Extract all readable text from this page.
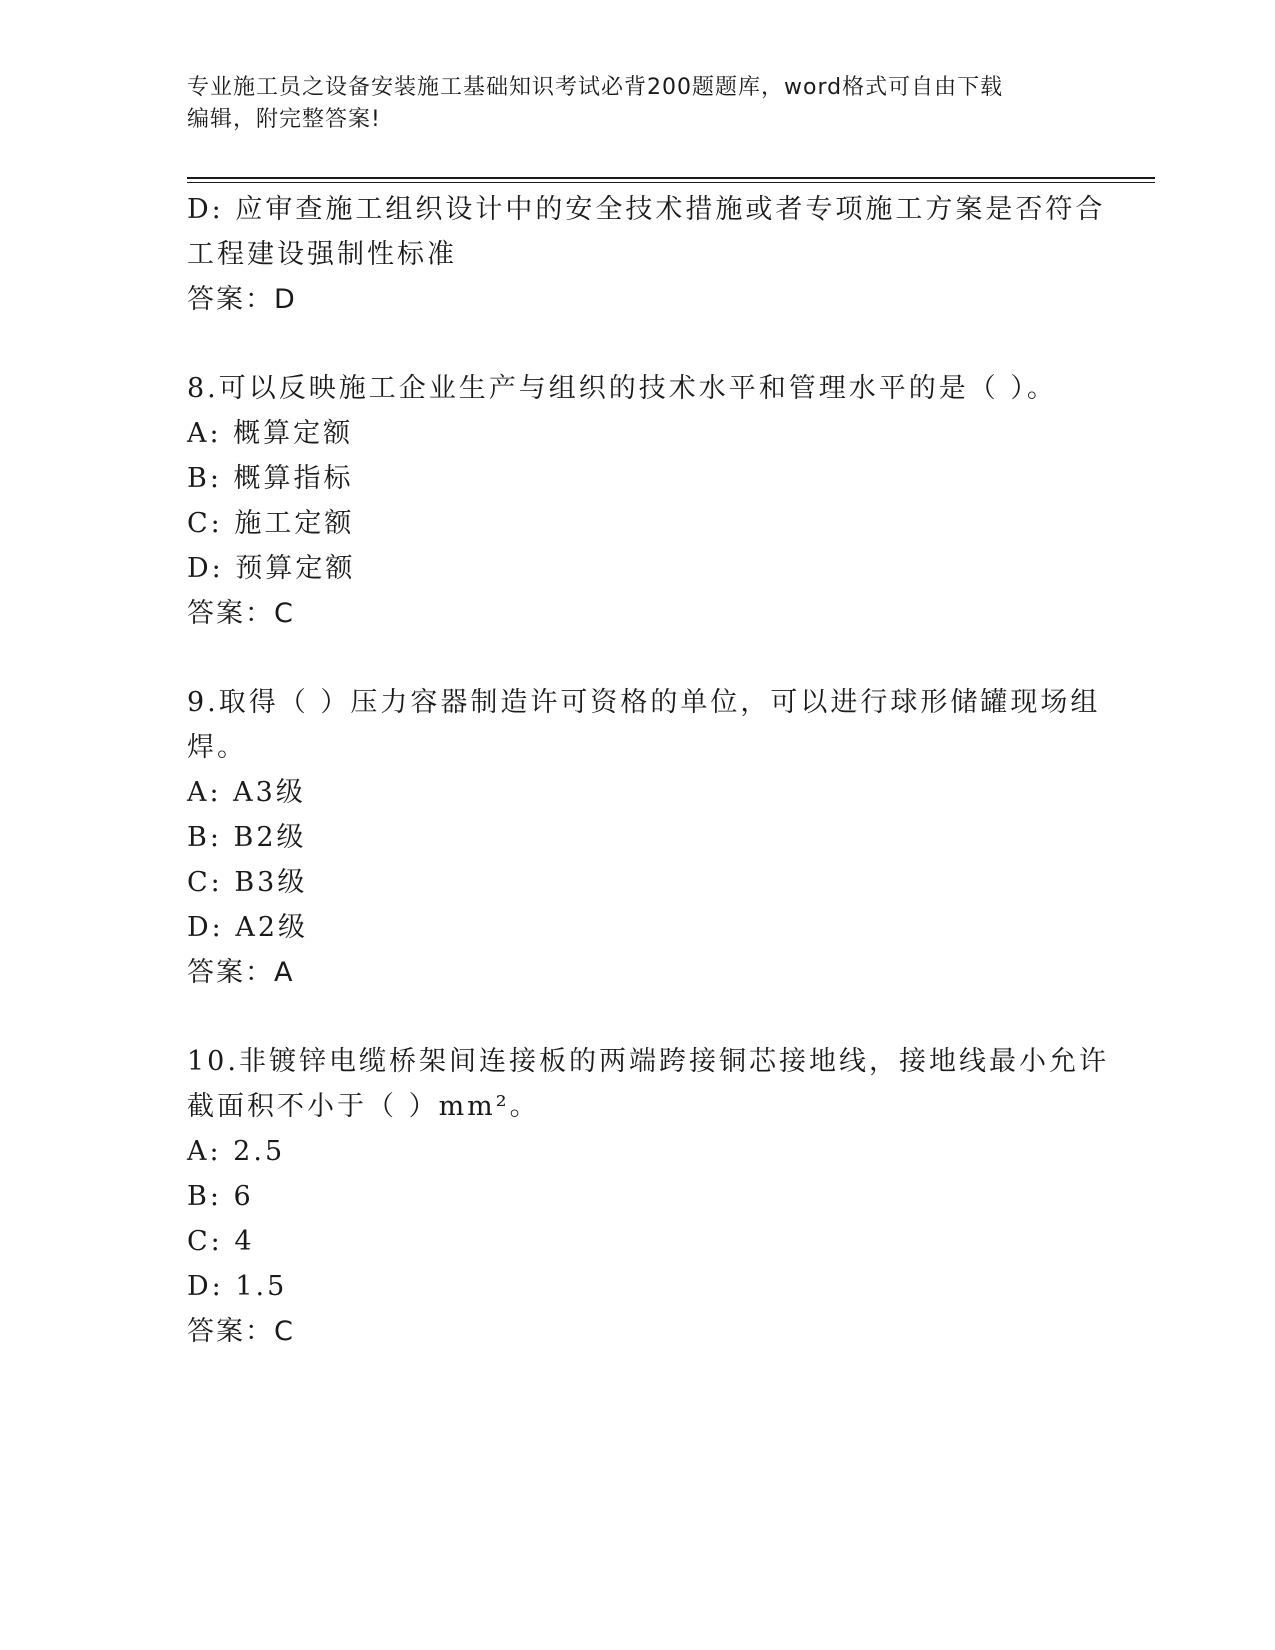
专业施工员之设备安装施工基础知识考试必背200题题库，word格式可自由下载
编辑，附完整答案!
D: 应审查施工组织设计中的安全技术措施或者专项施工方案是否符合
工程建设强制性标准
答案：D
8.可以反映施工企业生产与组织的技术水平和管理水平的是（ ）。
A: 概算定额
B: 概算指标
C: 施工定额
D: 预算定额
答案：C
9.取得（ ）压力容器制造许可资格的单位，可以进行球形储罐现场组
焊。
A: A3级
B: B2级
C: B3级
D: A2级
答案：A
10.非镀锌电缆桥架间连接板的两端跨接铜芯接地线，接地线最小允许
截面积不小于（ ）mm²。
A: 2.5
B: 6
C: 4
D: 1.5
答案：C
